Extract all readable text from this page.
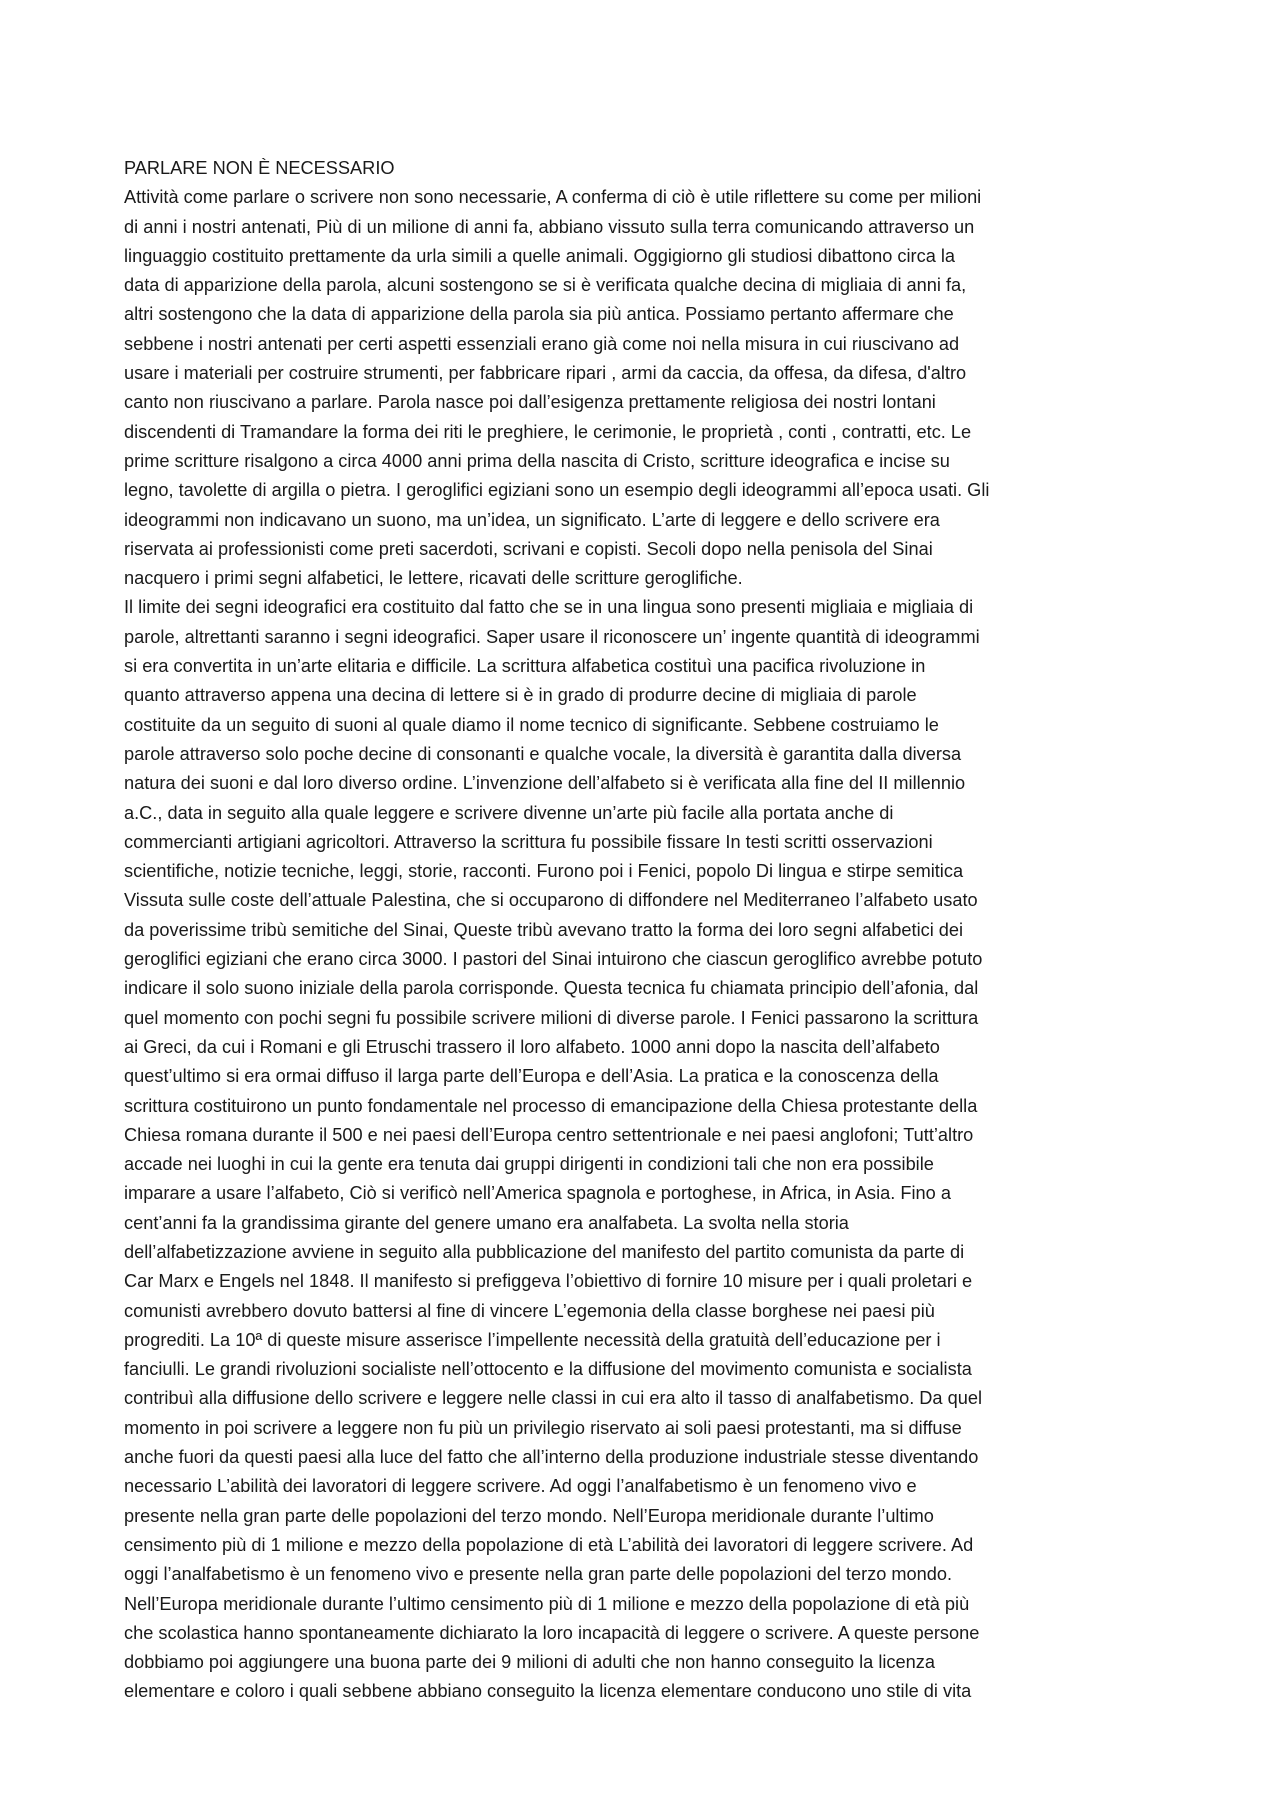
PARLARE NON È NECESSARIO
Attività come parlare o scrivere non sono necessarie, A conferma di ciò è utile riflettere su come per milioni
di anni i nostri antenati, Più di un milione di anni fa, abbiano vissuto sulla terra comunicando attraverso un
linguaggio costituito prettamente da urla simili a quelle animali. Oggigiorno gli studiosi dibattono circa la
data di apparizione della parola, alcuni sostengono se si è verificata qualche decina di migliaia di anni fa,
altri sostengono che la data di apparizione della parola sia più antica. Possiamo pertanto affermare che
sebbene i nostri antenati per certi aspetti essenziali erano già come noi nella misura in cui riuscivano ad
usare i materiali per costruire strumenti, per fabbricare ripari , armi da caccia, da offesa, da difesa, d'altro
canto non riuscivano a parlare. Parola nasce poi dall’esigenza prettamente religiosa dei nostri lontani
discendenti di Tramandare la forma dei riti le preghiere, le cerimonie, le proprietà , conti , contratti, etc. Le
prime scritture risalgono a circa 4000 anni prima della nascita di Cristo, scritture ideografica e incise su
legno, tavolette di argilla o pietra. I geroglifici egiziani sono un esempio degli ideogrammi all’epoca usati. Gli
ideogrammi non indicavano un suono, ma un’idea, un significato. L’arte di leggere e dello scrivere era
riservata ai professionisti come preti sacerdoti, scrivani e copisti. Secoli dopo nella penisola del Sinai
nacquero i primi segni alfabetici, le lettere, ricavati delle scritture geroglifiche.
Il limite dei segni ideografici era costituito dal fatto che se in una lingua sono presenti migliaia e migliaia di
parole, altrettanti saranno i segni ideografici. Saper usare il riconoscere un’ ingente quantità di ideogrammi
si era convertita in un’arte elitaria e difficile. La scrittura alfabetica costituì una pacifica rivoluzione in
quanto attraverso appena una decina di lettere si è in grado di produrre decine di migliaia di parole
costituite da un seguito di suoni al quale diamo il nome tecnico di significante. Sebbene costruiamo le
parole attraverso solo poche decine di consonanti e qualche vocale, la diversità è garantita dalla diversa
natura dei suoni e dal loro diverso ordine. L’invenzione dell’alfabeto si è verificata alla fine del II millennio
a.C., data in seguito alla quale leggere e scrivere divenne un’arte più facile alla portata anche di
commercianti artigiani agricoltori. Attraverso la scrittura fu possibile fissare In testi scritti osservazioni
scientifiche, notizie tecniche, leggi, storie, racconti. Furono poi i Fenici, popolo Di lingua e stirpe semitica
Vissuta sulle coste dell’attuale Palestina, che si occuparono di diffondere nel Mediterraneo l’alfabeto usato
da poverissime tribù semitiche del Sinai, Queste tribù avevano tratto la forma dei loro segni alfabetici dei
geroglifici egiziani che erano circa 3000. I pastori del Sinai intuirono che ciascun geroglifico avrebbe potuto
indicare il solo suono iniziale della parola corrisponde. Questa tecnica fu chiamata principio dell’afonia, dal
quel momento con pochi segni fu possibile scrivere milioni di diverse parole. I Fenici passarono la scrittura
ai Greci, da cui i Romani e gli Etruschi trassero il loro alfabeto. 1000 anni dopo la nascita dell’alfabeto
quest’ultimo si era ormai diffuso il larga parte dell’Europa e dell’Asia. La pratica e la conoscenza della
scrittura costituirono un punto fondamentale nel processo di emancipazione della Chiesa protestante della
Chiesa romana durante il 500 e nei paesi dell’Europa centro settentrionale e nei paesi anglofoni; Tutt’altro
accade nei luoghi in cui la gente era tenuta dai gruppi dirigenti in condizioni tali che non era possibile
imparare a usare l’alfabeto, Ciò si verificò nell’America spagnola e portoghese, in Africa, in Asia. Fino a
cent’anni fa la grandissima girante del genere umano era analfabeta. La svolta nella storia
dell’alfabetizzazione avviene in seguito alla pubblicazione del manifesto del partito comunista da parte di
Car Marx e Engels nel 1848. Il manifesto si prefiggeva l’obiettivo di fornire 10 misure per i quali proletari e
comunisti avrebbero dovuto battersi al fine di vincere L’egemonia della classe borghese nei paesi più
progrediti. La 10ª di queste misure asserisce l’impellente necessità della gratuità dell’educazione per i
fanciulli. Le grandi rivoluzioni socialiste nell’ottocento e la diffusione del movimento comunista e socialista
contribuì alla diffusione dello scrivere e leggere nelle classi in cui era alto il tasso di analfabetismo. Da quel
momento in poi scrivere a leggere non fu più un privilegio riservato ai soli paesi protestanti, ma si diffuse
anche fuori da questi paesi alla luce del fatto che all’interno della produzione industriale stesse diventando
necessario L’abilità dei lavoratori di leggere scrivere. Ad oggi l’analfabetismo è un fenomeno vivo e
presente nella gran parte delle popolazioni del terzo mondo. Nell’Europa meridionale durante l’ultimo
censimento più di 1 milione e mezzo della popolazione di età L’abilità dei lavoratori di leggere scrivere. Ad
oggi l’analfabetismo è un fenomeno vivo e presente nella gran parte delle popolazioni del terzo mondo.
Nell’Europa meridionale durante l’ultimo censimento più di 1 milione e mezzo della popolazione di età più
che scolastica hanno spontaneamente dichiarato la loro incapacità di leggere o scrivere. A queste persone
dobbiamo poi aggiungere una buona parte dei 9 milioni di adulti che non hanno conseguito la licenza
elementare e coloro i quali sebbene abbiano conseguito la licenza elementare conducono uno stile di vita
